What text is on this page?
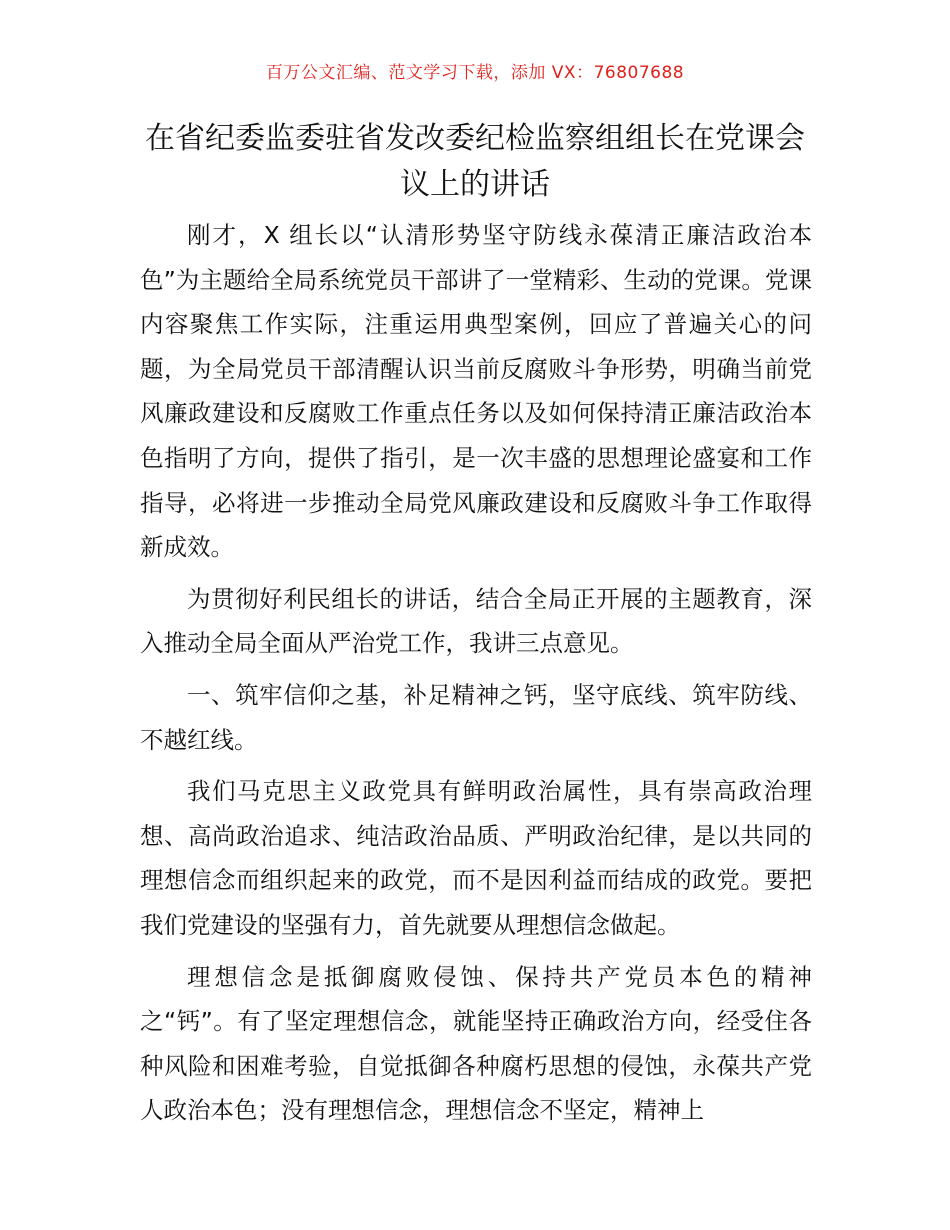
百万公文汇编、范文学习下载，添加 VX：76807688
在省纪委监委驻省发改委纪检监察组组长在党课会议上的讲话

刚才，X 组长以“认清形势坚守防线永葆清正廉洁政治本色”为主题给全局系统党员干部讲了一堂精彩、生动的党课。党课内容聚焦工作实际，注重运用典型案例，回应了普遍关心的问题，为全局党员干部清醒认识当前反腐败斗争形势，明确当前党风廉政建设和反腐败工作重点任务以及如何保持清正廉洁政治本色指明了方向，提供了指引，是一次丰盛的思想理论盛宴和工作指导，必将进一步推动全局党风廉政建设和反腐败斗争工作取得新成效。

为贯彻好利民组长的讲话，结合全局正开展的主题教育，深入推动全局全面从严治党工作，我讲三点意见。

一、筑牢信仰之基，补足精神之钙，坚守底线、筑牢防线、不越红线。

我们马克思主义政党具有鲜明政治属性，具有崇高政治理想、高尚政治追求、纯洁政治品质、严明政治纪律，是以共同的理想信念而组织起来的政党，而不是因利益而结成的政党。要把我们党建设的坚强有力，首先就要从理想信念做起。

理想信念是抵御腐败侵蚀、保持共产党员本色的精神之“钙”。有了坚定理想信念，就能坚持正确政治方向，经受住各种风险和困难考验，自觉抵御各种腐朽思想的侵蚀，永葆共产党人政治本色；没有理想信念，理想信念不坚定，精神上
